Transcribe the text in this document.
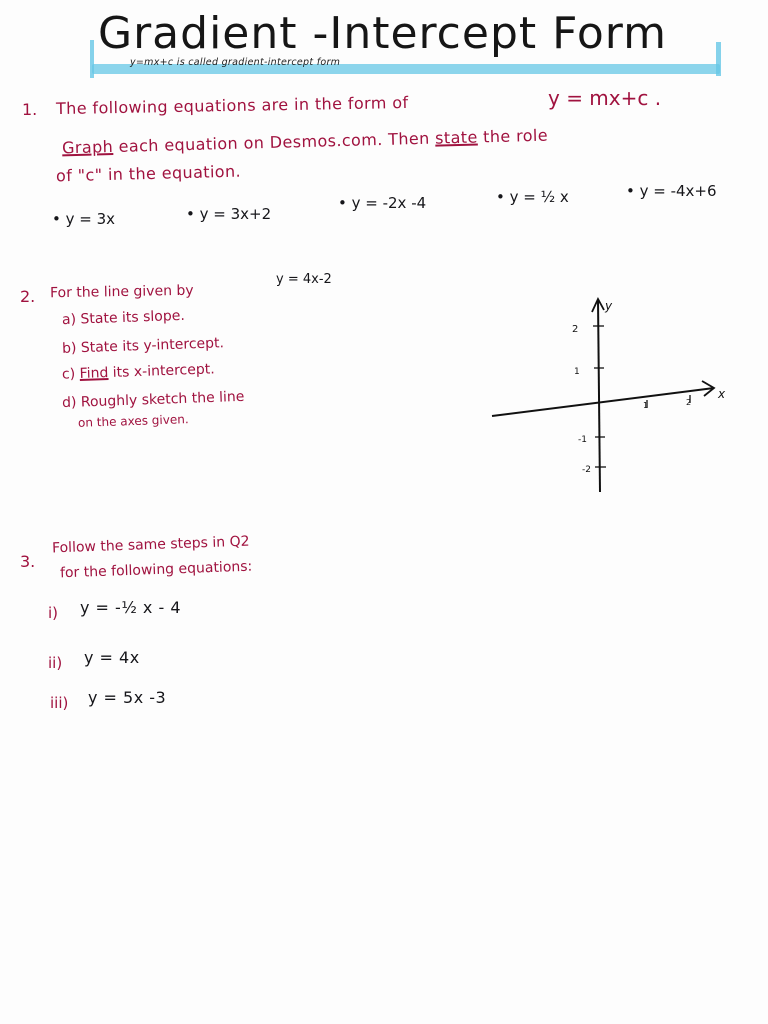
Gradient -Intercept Form
y=mx+c is called gradient-intercept form
1. The following equations are in the form of	y = mx+c .
Graph each equation on Desmos.com. Then state the role
of "c" in the equation.
• y = 3x	• y = 3x+2
• y = -2x -4	• y = ½ x	• y = -4x+6
2. For the line given by
y = 4x-2
a) State its slope.
b) State its y-intercept.
c) Find its x-intercept.
d) Roughly sketch the line
on the axes given.
y
x
2
1
-1
-2
1	2
3.
Follow the same steps in Q2
for the following equations:
i) y = -½ x - 4
ii) y = 4x
iii) y = 5x -3
